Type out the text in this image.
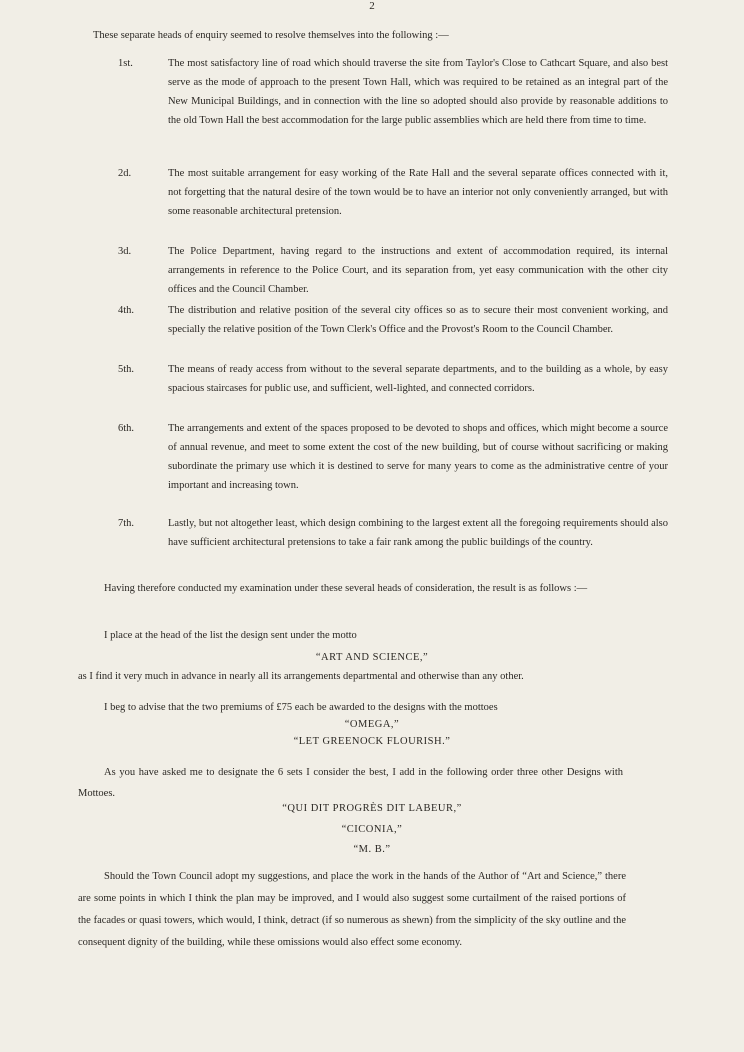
2

These separate heads of enquiry seemed to resolve themselves into the following :—

1st.	The most satisfactory line of road which should traverse the site from Taylor's Close to Cathcart Square, and also best serve as the mode of approach to the present Town Hall, which was required to be retained as an integral part of the New Municipal Buildings, and in connection with the line so adopted should also provide by reasonable additions to the old Town Hall the best accommodation for the large public assemblies which are held there from time to time.

2d.	The most suitable arrangement for easy working of the Rate Hall and the several separate offices connected with it, not forgetting that the natural desire of the town would be to have an interior not only conveniently arranged, but with some reasonable architectural pretension.

3d.	The Police Department, having regard to the instructions and extent of accommodation required, its internal arrangements in reference to the Police Court, and its separation from, yet easy communication with the other city offices and the Council Chamber.

4th.	The distribution and relative position of the several city offices so as to secure their most convenient working, and specially the relative position of the Town Clerk's Office and the Provost's Room to the Council Chamber.

5th.	The means of ready access from without to the several separate departments, and to the building as a whole, by easy spacious staircases for public use, and sufficient, well-lighted, and connected corridors.

6th.	The arrangements and extent of the spaces proposed to be devoted to shops and offices, which might become a source of annual revenue, and meet to some extent the cost of the new building, but of course without sacrificing or making subordinate the primary use which it is destined to serve for many years to come as the administrative centre of your important and increasing town.

7th.	Lastly, but not altogether least, which design combining to the largest extent all the foregoing requirements should also have sufficient architectural pretensions to take a fair rank among the public buildings of the country.

Having therefore conducted my examination under these several heads of consideration, the result is as follows :—

I place at the head of the list the design sent under the motto

“ART AND SCIENCE,”

as I find it very much in advance in nearly all its arrangements departmental and otherwise than any other.

I beg to advise that the two premiums of £75 each be awarded to the designs with the mottoes

“OMEGA,”

“LET GREENOCK FLOURISH.”

As you have asked me to designate the 6 sets I consider the best, I add in the following order three other Designs with Mottoes.

“QUI DIT PROGRÈS DIT LABEUR,”

“CICONIA,”

“M. B.”

Should the Town Council adopt my suggestions, and place the work in the hands of the Author of “Art and Science,” there are some points in which I think the plan may be improved, and I would also suggest some curtailment of the raised portions of the facades or quasi towers, which would, I think, detract (if so numerous as shewn) from the simplicity of the sky outline and the consequent dignity of the building, while these omissions would also effect some economy.
